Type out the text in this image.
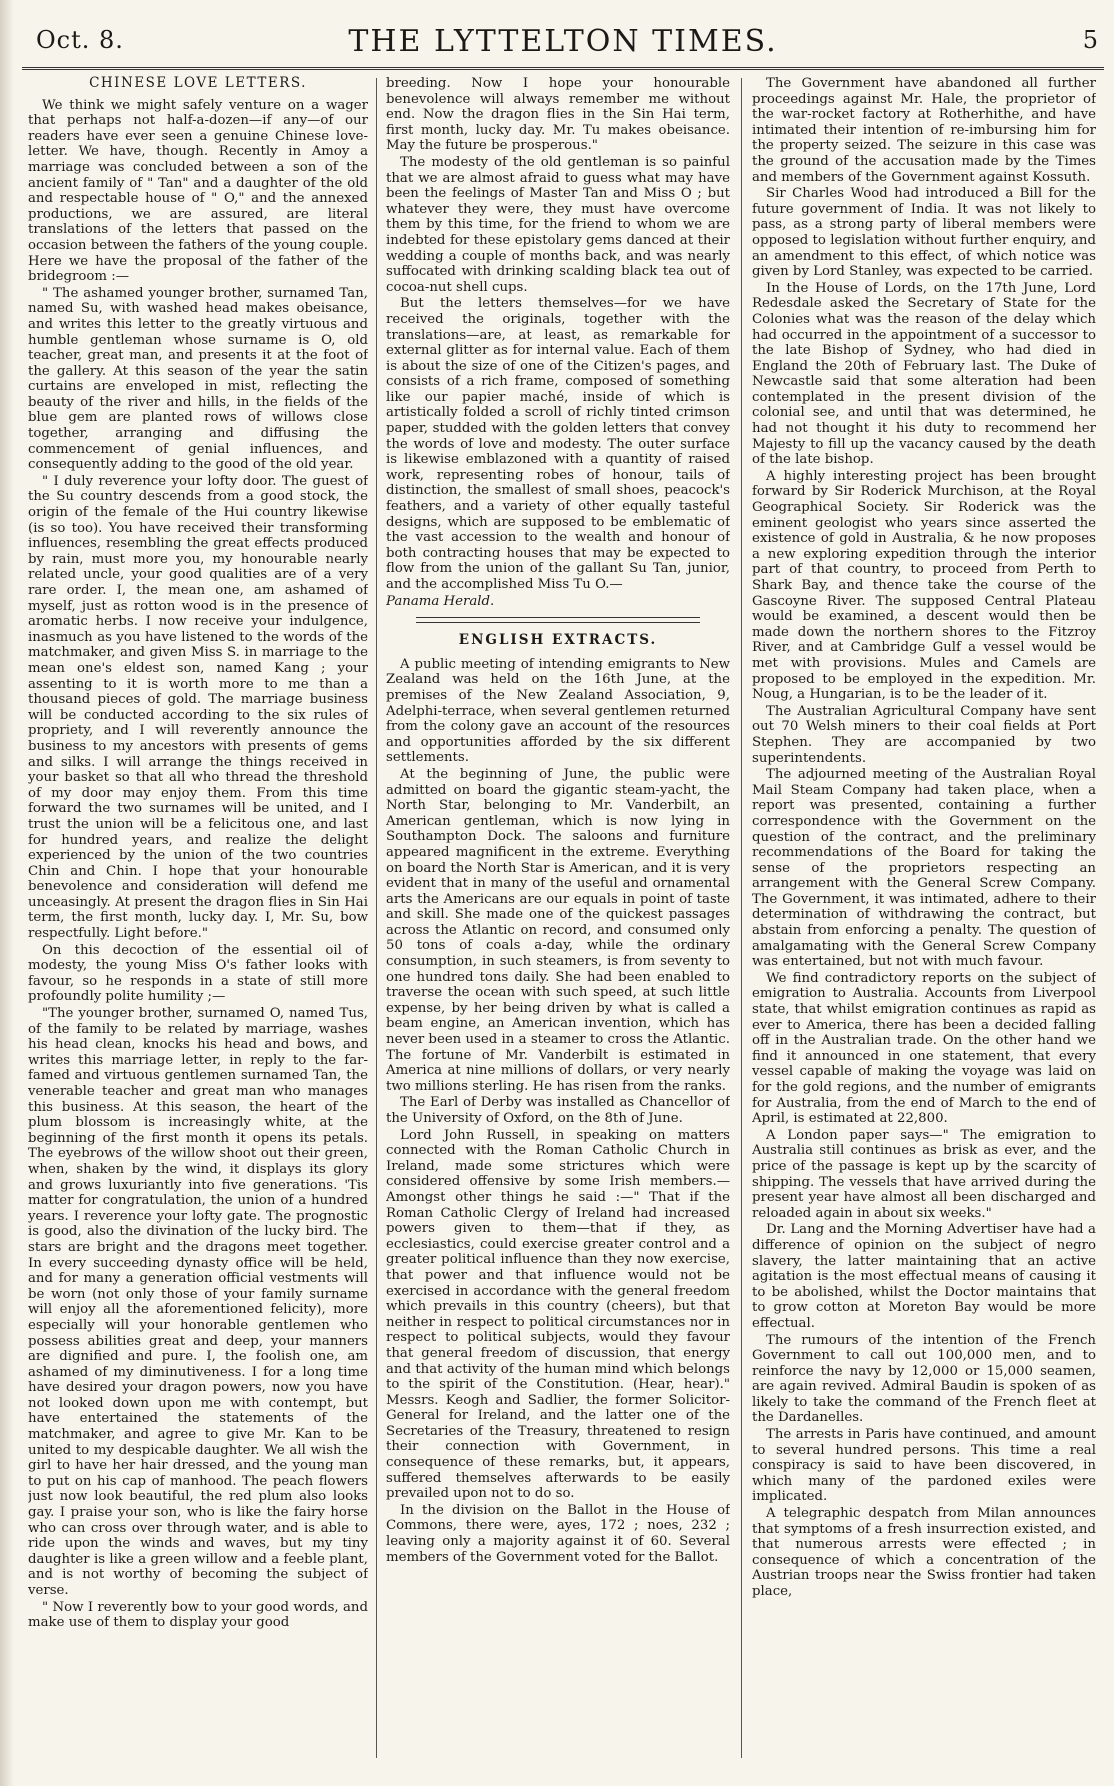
Oct. 8.	THE LYTTELTON TIMES.	5
CHINESE LOVE LETTERS.

We think we might safely venture on a wager that perhaps not half-a-dozen—if any—of our readers have ever seen a genuine Chinese love-letter. We have, though. Recently in Amoy a marriage was concluded between a son of the ancient family of " Tan" and a daughter of the old and respectable house of " O," and the annexed productions, we are assured, are literal translations of the letters that passed on the occasion between the fathers of the young couple. Here we have the proposal of the father of the bridegroom :—

" The ashamed younger brother, surnamed Tan, named Su, with washed head makes obeisance, and writes this letter to the greatly virtuous and humble gentleman whose surname is O, old teacher, great man, and presents it at the foot of the gallery. At this season of the year the satin curtains are enveloped in mist, reflecting the beauty of the river and hills, in the fields of the blue gem are planted rows of willows close together, arranging and diffusing the commencement of genial influences, and consequently adding to the good of the old year.

" I duly reverence your lofty door. The guest of the Su country descends from a good stock, the origin of the female of the Hui country likewise (is so too). You have received their transforming influences, resembling the great effects produced by rain, must more you, my honourable nearly related uncle, your good qualities are of a very rare order. I, the mean one, am ashamed of myself, just as rotton wood is in the presence of aromatic herbs. I now receive your indulgence, inasmuch as you have listened to the words of the matchmaker, and given Miss S. in marriage to the mean one's eldest son, named Kang ; your assenting to it is worth more to me than a thousand pieces of gold. The marriage business will be conducted according to the six rules of propriety, and I will reverently announce the business to my ancestors with presents of gems and silks. I will arrange the things received in your basket so that all who thread the threshold of my door may enjoy them. From this time forward the two surnames will be united, and I trust the union will be a felicitous one, and last for hundred years, and realize the delight experienced by the union of the two countries Chin and Chin. I hope that your honourable benevolence and consideration will defend me unceasingly. At present the dragon flies in Sin Hai term, the first month, lucky day. I, Mr. Su, bow respectfully. Light before."

On this decoction of the essential oil of modesty, the young Miss O's father looks with favour, so he responds in a state of still more profoundly polite humility ;—

"The younger brother, surnamed O, named Tus, of the family to be related by marriage, washes his head clean, knocks his head and bows, and writes this marriage letter, in reply to the far-famed and virtuous gentlemen surnamed Tan, the venerable teacher and great man who manages this business. At this season, the heart of the plum blossom is increasingly white, at the beginning of the first month it opens its petals. The eyebrows of the willow shoot out their green, when, shaken by the wind, it displays its glory and grows luxuriantly into five generations. 'Tis matter for congratulation, the union of a hundred years. I reverence your lofty gate. The prognostic is good, also the divination of the lucky bird. The stars are bright and the dragons meet together. In every succeeding dynasty office will be held, and for many a generation official vestments will be worn (not only those of your family surname will enjoy all the aforementioned felicity), more especially will your honorable gentlemen who possess abilities great and deep, your manners are dignified and pure. I, the foolish one, am ashamed of my diminutiveness. I for a long time have desired your dragon powers, now you have not looked down upon me with contempt, but have entertained the statements of the matchmaker, and agree to give Mr. Kan to be united to my despicable daughter. We all wish the girl to have her hair dressed, and the young man to put on his cap of manhood. The peach flowers just now look beautiful, the red plum also looks gay. I praise your son, who is like the fairy horse who can cross over through water, and is able to ride upon the winds and waves, but my tiny daughter is like a green willow and a feeble plant, and is not worthy of becoming the subject of verse.

" Now I reverently bow to your good words, and make use of them to display your good

breeding. Now I hope your honourable benevolence will always remember me without end. Now the dragon flies in the Sin Hai term, first month, lucky day. Mr. Tu makes obeisance. May the future be prosperous."

The modesty of the old gentleman is so painful that we are almost afraid to guess what may have been the feelings of Master Tan and Miss O ; but whatever they were, they must have overcome them by this time, for the friend to whom we are indebted for these epistolary gems danced at their wedding a couple of months back, and was nearly suffocated with drinking scalding black tea out of cocoa-nut shell cups.

But the letters themselves—for we have received the originals, together with the translations—are, at least, as remarkable for external glitter as for internal value. Each of them is about the size of one of the Citizen's pages, and consists of a rich frame, composed of something like our papier maché, inside of which is artistically folded a scroll of richly tinted crimson paper, studded with the golden letters that convey the words of love and modesty. The outer surface is likewise emblazoned with a quantity of raised work, representing robes of honour, tails of distinction, the smallest of small shoes, peacock's feathers, and a variety of other equally tasteful designs, which are supposed to be emblematic of the vast accession to the wealth and honour of both contracting houses that may be expected to flow from the union of the gallant Su Tan, junior, and the accomplished Miss Tu O.—

Panama Herald.

ENGLISH EXTRACTS.

A public meeting of intending emigrants to New Zealand was held on the 16th June, at the premises of the New Zealand Association, 9, Adelphi-terrace, when several gentlemen returned from the colony gave an account of the resources and opportunities afforded by the six different settlements.

At the beginning of June, the public were admitted on board the gigantic steam-yacht, the North Star, belonging to Mr. Vanderbilt, an American gentleman, which is now lying in Southampton Dock. The saloons and furniture appeared magnificent in the extreme. Everything on board the North Star is American, and it is very evident that in many of the useful and ornamental arts the Americans are our equals in point of taste and skill. She made one of the quickest passages across the Atlantic on record, and consumed only 50 tons of coals a-day, while the ordinary consumption, in such steamers, is from seventy to one hundred tons daily. She had been enabled to traverse the ocean with such speed, at such little expense, by her being driven by what is called a beam engine, an American invention, which has never been used in a steamer to cross the Atlantic. The fortune of Mr. Vanderbilt is estimated in America at nine millions of dollars, or very nearly two millions sterling. He has risen from the ranks.

The Earl of Derby was installed as Chancellor of the University of Oxford, on the 8th of June.

Lord John Russell, in speaking on matters connected with the Roman Catholic Church in Ireland, made some strictures which were considered offensive by some Irish members.—Amongst other things he said :—" That if the Roman Catholic Clergy of Ireland had increased powers given to them—that if they, as ecclesiastics, could exercise greater control and a greater political influence than they now exercise, that power and that influence would not be exercised in accordance with the general freedom which prevails in this country (cheers), but that neither in respect to political circumstances nor in respect to political subjects, would they favour that general freedom of discussion, that energy and that activity of the human mind which belongs to the spirit of the Constitution. (Hear, hear)." Messrs. Keogh and Sadlier, the former Solicitor-General for Ireland, and the latter one of the Secretaries of the Treasury, threatened to resign their connection with Government, in consequence of these remarks, but, it appears, suffered themselves afterwards to be easily prevailed upon not to do so.

In the division on the Ballot in the House of Commons, there were, ayes, 172 ; noes, 232 ; leaving only a majority against it of 60. Several members of the Government voted for the Ballot.

The Government have abandoned all further proceedings against Mr. Hale, the proprietor of the war-rocket factory at Rotherhithe, and have intimated their intention of re-imbursing him for the property seized. The seizure in this case was the ground of the accusation made by the Times and members of the Government against Kossuth.

Sir Charles Wood had introduced a Bill for the future government of India. It was not likely to pass, as a strong party of liberal members were opposed to legislation without further enquiry, and an amendment to this effect, of which notice was given by Lord Stanley, was expected to be carried.

In the House of Lords, on the 17th June, Lord Redesdale asked the Secretary of State for the Colonies what was the reason of the delay which had occurred in the appointment of a successor to the late Bishop of Sydney, who had died in England the 20th of February last. The Duke of Newcastle said that some alteration had been contemplated in the present division of the colonial see, and until that was determined, he had not thought it his duty to recommend her Majesty to fill up the vacancy caused by the death of the late bishop.

A highly interesting project has been brought forward by Sir Roderick Murchison, at the Royal Geographical Society. Sir Roderick was the eminent geologist who years since asserted the existence of gold in Australia, & he now proposes a new exploring expedition through the interior part of that country, to proceed from Perth to Shark Bay, and thence take the course of the Gascoyne River. The supposed Central Plateau would be examined, a descent would then be made down the northern shores to the Fitzroy River, and at Cambridge Gulf a vessel would be met with provisions. Mules and Camels are proposed to be employed in the expedition. Mr. Noug, a Hungarian, is to be the leader of it.

The Australian Agricultural Company have sent out 70 Welsh miners to their coal fields at Port Stephen. They are accompanied by two superintendents.

The adjourned meeting of the Australian Royal Mail Steam Company had taken place, when a report was presented, containing a further correspondence with the Government on the question of the contract, and the preliminary recommendations of the Board for taking the sense of the proprietors respecting an arrangement with the General Screw Company. The Government, it was intimated, adhere to their determination of withdrawing the contract, but abstain from enforcing a penalty. The question of amalgamating with the General Screw Company was entertained, but not with much favour.

We find contradictory reports on the subject of emigration to Australia. Accounts from Liverpool state, that whilst emigration continues as rapid as ever to America, there has been a decided falling off in the Australian trade. On the other hand we find it announced in one statement, that every vessel capable of making the voyage was laid on for the gold regions, and the number of emigrants for Australia, from the end of March to the end of April, is estimated at 22,800.

A London paper says—" The emigration to Australia still continues as brisk as ever, and the price of the passage is kept up by the scarcity of shipping. The vessels that have arrived during the present year have almost all been discharged and reloaded again in about six weeks."

Dr. Lang and the Morning Advertiser have had a difference of opinion on the subject of negro slavery, the latter maintaining that an active agitation is the most effectual means of causing it to be abolished, whilst the Doctor maintains that to grow cotton at Moreton Bay would be more effectual.

The rumours of the intention of the French Government to call out 100,000 men, and to reinforce the navy by 12,000 or 15,000 seamen, are again revived. Admiral Baudin is spoken of as likely to take the command of the French fleet at the Dardanelles.

The arrests in Paris have continued, and amount to several hundred persons. This time a real conspiracy is said to have been discovered, in which many of the pardoned exiles were implicated.

A telegraphic despatch from Milan announces that symptoms of a fresh insurrection existed, and that numerous arrests were effected ; in consequence of which a concentration of the Austrian troops near the Swiss frontier had taken place,
